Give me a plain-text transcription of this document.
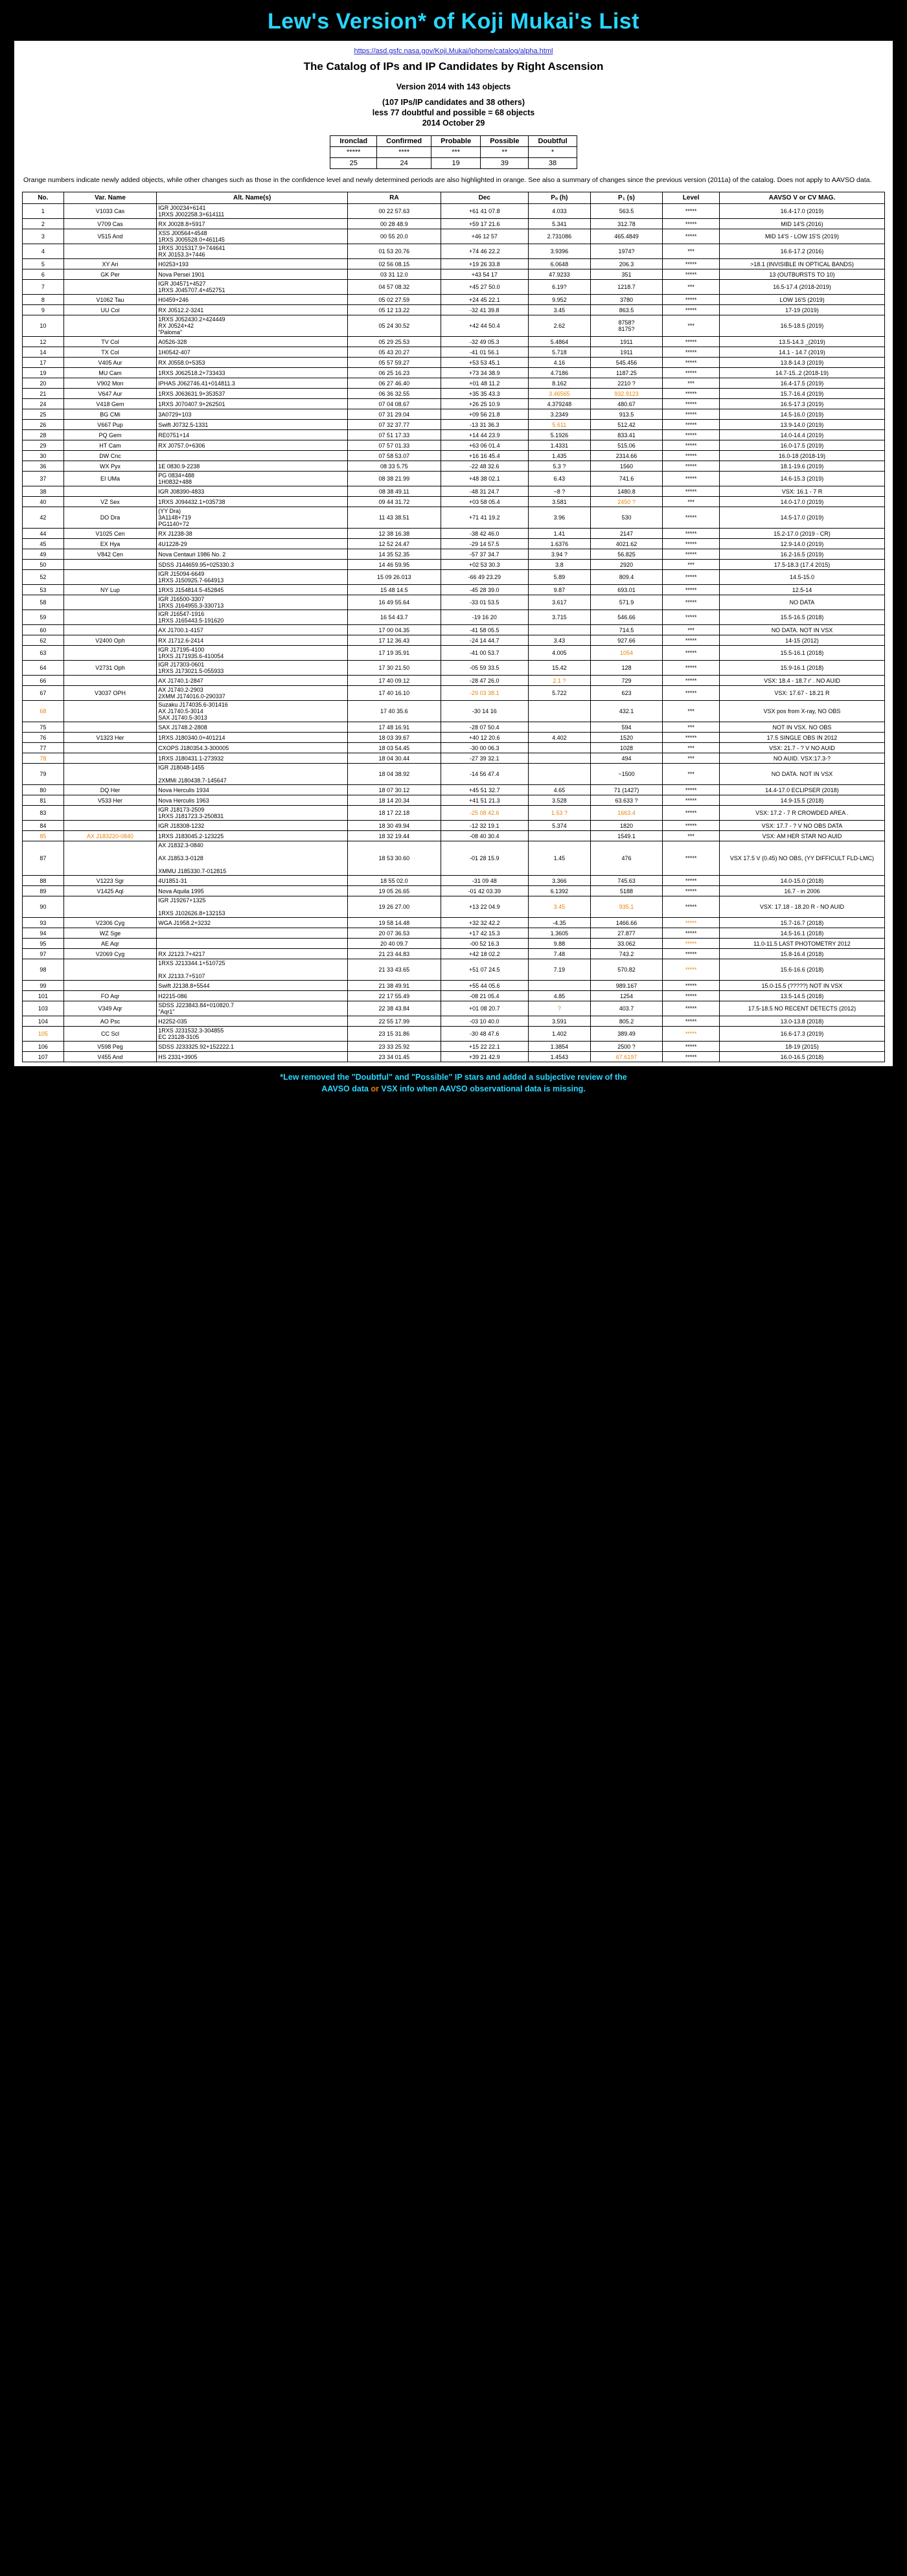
Lew's Version* of Koji Mukai's List
https://asd.gsfc.nasa.gov/Koji.Mukai/iphome/catalog/alpha.html
The Catalog of IPs and IP Candidates by Right Ascension
Version 2014 with 143 objects
(107 IPs/IP candidates and 38 others)
less 77 doubtful and possible = 68 objects
2014 October 29
Ironclad	Confirmed	Probable	Possible	Doubtful
*****	****	***	**	*
25	24	19	39	38
Orange numbers indicate newly added objects, while other changes such as those in the confidence level and newly determined periods are also highlighted in orange. See also a summary of changes since the previous version (2011a) of the catalog. Does not apply to AAVSO data.
No.	Var. Name	Alt. Name(s)	RA	Dec	Pₒ (h)	P₁ (s)	Level	AAVSO V or CV MAG.
1	V1033 Cas	IGR J00234+6141
1RXS J002258.3+614111	00 22 57.63	+61 41 07.8	4.033	563.5	*****	16.4-17.0 (2019)
2	V709 Cas	RX J0028.8+5917	00 28 48.9	+59 17 21.6	5.341	312.78	*****	MID 14'S (2016)
3	V515 And	XSS J00564+4548
1RXS J005528.0+461145	00 55 20.0	+46 12 57	2.731086	465.4849	*****	MID 14'S - LOW 15'S (2019)
4		1RXS J015317.9+744641
RX J0153.3+7446	01 53 20.76	+74 46 22.2	3.9396	1974?	***	16.6-17.2 (2016)
5	XY Ari	H0253+193	02 56 08.15	+19 26 33.8	6.0648	206.3	*****	>18.1 (INVISIBLE IN OPTICAL BANDS)
6	GK Per	Nova Persei 1901	03 31 12.0	+43 54 17	47.9233	351	*****	13 (OUTBURSTS TO 10)
7		IGR J04571+4527
1RXS J045707.4+452751	04 57 08.32	+45 27 50.0	6.19?	1218.7	***	16.5-17.4 (2018-2019)
8	V1062 Tau	H0459+246	05 02 27.59	+24 45 22.1	9.952	3780	*****	LOW 16'S (2019)
9	UU Col	RX J0512.2-3241	05 12 13.22	-32 41 39.8	3.45	863.5	*****	17-19 (2019)
10		1RXS J052430.2+424449
RX J0524+42
"Paloma"	05 24 30.52	+42 44 50.4	2.62	8758?
8175?	***	16.5-18.5 (2019)
12	TV Col	A0526-328	05 29 25.53	-32 49 05.3	5.4864	1911	*****	13.5-14.3 _(2019)
14	TX Col	1H0542-407	05 43 20.27	-41 01 56.1	5.718	1911	*****	14.1 - 14.7 (2019)
17	V405 Aur	RX J0558.0+5353	05 57 59.27	+53 53 45.1	4.16	545.456	*****	13.8-14.3 (2019)
19	MU Cam	1RXS J062518.2+733433	06 25 16.23	+73 34 38.9	4.7186	1187.25	*****	14.7-15..2 (2018-19)
20	V902 Mon	IPHAS J062746.41+014811.3	06 27 46.40	+01 48 11.2	8.162	2210 ?	***	16.4-17.5 (2019)
21	V647 Aur	1RXS J063631.9+353537	06 36 32.55	+35 35 43.3	3.46565	932.9123	*****	15.7-16.4 (2019)
24	V418 Gem	1RXS J070407.9+262501	07 04 08.67	+26 25 10.9	4.379248	480.67	*****	16.5-17.3 (2019)
25	BG CMi	3A0729+103	07 31 29.04	+09 56 21.8	3.2349	913.5	*****	14.5-16.0 (2019)
26	V667 Pup	Swift J0732.5-1331	07 32 37.77	-13 31 36.3	5.611	512.42	*****	13.9-14.0 (2019)
28	PQ Gem	RE0751+14	07 51 17.33	+14 44 23.9	5.1926	833.41	*****	14.0-14.4 (2019)
29	HT Cam	RX J0757.0+6306	07 57 01.33	+63 06 01.4	1.4331	515.06	*****	16.0-17.5 (2019)
30	DW Cnc		07 58 53.07	+16 16 45.4	1.435	2314.66	*****	16.0-18 (2018-19)
36	WX Pyx	1E 0830.9-2238	08 33 5.75	-22 48 32.6	5.3 ?	1560	*****	18.1-19.6 (2019)
37	EI UMa	PG 0834+488
1H0832+488	08 38 21.99	+48 38 02.1	6.43	741.6	*****	14.6-15.3 (2019)
38		IGR J08390-4833	08 38 49.11	-48 31 24.7	~8 ?	1480.8	*****	VSX: 16.1 - 7 R
40	VZ Sex	1RXS J094432.1+035738	09 44 31.72	+03 58 05.4	3.581	2450 ?	***	14.0-17.0 (2019)
42	DO Dra	(YY Dra)
3A1148+719
PG1140+72	11 43 38.51	+71 41 19.2	3.96	530	*****	14.5-17.0 (2019)
44	V1025 Cen	RX J1238-38	12 38 16.38	-38 42 46.0	1.41	2147	*****	15.2-17.0 (2019 - CR)
45	EX Hya	4U1228-29	12 52 24.47	-29 14 57.5	1.6376	4021.62	*****	12.9-14.0 (2019)
49	V842 Cen	Nova Centauri 1986 No. 2	14 35 52.35	-57 37 34.7	3.94 ?	56.825	*****	16.2-16.5 (2019)
50		SDSS J144659.95+025330.3	14 46 59.95	+02 53 30.3	3.8	2920	***	17.5-18.3 (17.4 2015)
52		IGR J15094-6649
1RXS J150925.7-664913	15 09 26.013	-66 49 23.29	5.89	809.4	*****	14.5-15.0
53	NY Lup	1RXS J154814.5-452845	15 48 14.5	-45 28 39.0	9.87	693.01	*****	12.5-14
58		IGR J16500-3307
1RXS J164955.3-330713	16 49 55.64	-33 01 53.5	3.617	571.9	*****	NO DATA
59		IGR J16547-1916
1RXS J165443.5-191620	16 54 43.7	-19 16 20	3.715	546.66	*****	15.5-16.5 (2018)
60		AX J1700.1-4157	17 00 04.35	-41 58 05.5		714.5	***	NO DATA. NOT IN VSX
62	V2400 Oph	RX J1712.6-2414	17 12 36.43	-24 14 44.7	3.43	927.66	*****	14-15 (2012)
63		IGR J17195-4100
1RXS J171935.6-410054	17 19 35.91	-41 00 53.7	4.005	1054	*****	15.5-16.1 (2018)
64	V2731 Oph	IGR J17303-0601
1RXS J173021.5-055933	17 30 21.50	-05 59 33.5	15.42	128	*****	15.9-16.1 (2018)
66		AX J1740.1-2847	17 40 09.12	-28 47 26.0	2.1 ?	729	*****	VSX: 18.4 - 18.7 r' . NO AUID
67	V3037 OPH	AX J1740.2-2903
2XMM J174016.0-290337	17 40 16.10	-29 03 38.1	5.722	623	*****	VSX: 17.67 - 18.21 R
68		Suzaku J174035.6-301416
AX J1740.5-3014
SAX J1740.5-3013	17 40 35.6	-30 14 16		432.1	***	VSX pos from X-ray, NO OBS
75		SAX J1748.2-2808	17 48 16.91	-28 07 50.4		594	***	NOT IN VSX. NO OBS
76	V1323 Her	1RXS J180340.0+401214	18 03 39.67	+40 12 20.6	4.402	1520	*****	17.5 SINGLE OBS IN 2012
77		CXOPS J180354.3-300005	18 03 54.45	-30 00 06.3		1028	***	VSX: 21.7 - ? V NO AUID
78		1RXS J180431.1-273932	18 04 30.44	-27 39 32.1		494	***	NO AUID. VSX:17.3-?
79		IGR J18048-1455

2XMMi J180438.7-145647	18 04 38.92	-14 56 47.4		~1500	***	NO DATA. NOT IN VSX
80	DQ Her	Nova Herculis 1934	18 07 30.12	+45 51 32.7	4.65	71 (1427)	*****	14.4-17.0 ECLIPSER (2018)
81	V533 Her	Nova Herculis 1963	18 14 20.34	+41 51 21.3	3.528	63.633 ?	*****	14.9-15.5 (2018)
83		IGR J18173-2509
1RXS J181723.3-250831	18 17 22.18	-25 08 42.6	1.53 ?	1663.4	*****	VSX: 17.2 - 7 R CROWDED AREA .
84		IGR J18308-1232	18 30 49.94	-12 32 19.1	5.374	1820	*****	VSX: 17.7 - ? V NO OBS DATA
85	AX J183220-0840	1RXS J183045.2-123225	18 32 19.44	-08 40 30.4		1549.1	***	VSX: AM HER STAR NO AUID
87		AX J1832.3-0840

AX J1853.3-0128

XMMU J185330.7-012815	18 53 30.60	-01 28 15.9	1.45	476	*****	VSX 17.5 V (0.45) NO OBS, (YY DIFFICULT FLD-LMC)
88	V1223 Sgr	4U1851-31	18 55 02.0	-31 09 48	3.366	745.63	*****	14.0-15.0 (2018)
89	V1425 Aql	Nova Aquila 1995	19 05 26.65	-01 42 03.39	6.1392	5188	*****	16.7 - in 2006
90		IGR J19267+1325

1RXS J102626.8+132153	19 26 27.00	+13 22 04.9	3.45	935.1	*****	VSX: 17.18 - 18.20 R - NO AUID
93	V2306 Cyg	WGA J1958.2+3232	19 58 14.48	+32 32 42.2	-4.35	1466.66	*****	15.7-16.7 (2018)
94	WZ Sge		20 07 36.53	+17 42 15.3	1.3605	27.877	*****	14.5-16.1 (2018)
95	AE Aqr		20 40 09.7	-00 52 16.3	9.88	33.062	*****	11.0-11.5 LAST PHOTOMETRY 2012
97	V2069 Cyg	RX J2123.7+4217	21 23 44.83	+42 18 02.2	7.48	743.2	*****	15.8-16.4 (2018)
98		1RXS J213344.1+510725

RX J2133.7+5107	21 33 43.65	+51 07 24.5	7.19	570.82	*****	15.6-16.6 (2018)
99		Swift J2138.8+5544	21 38 49.91	+55 44 05.6		989.167	*****	15.0-15.5 (?????) NOT IN VSX
101	FO Aqr	H2215-086	22 17 55.49	-08 21 05.4	4.85	1254	*****	13.5-14.5 (2018)
103	V349 Aqr	SDSS J223843.84+010820.7
"Aqr1"	22 38 43.84	+01 08 20.7	?	403.7	*****	17.5-18.5 NO RECENT DETECTS (2012)
104	AO Psc	H2252-035	22 55 17.99	-03 10 40.0	3.591	805.2	*****	13.0-13.8 (2018)
105	CC Scl	1RXS J231532.3-304855
EC 23128-3105	23 15 31.86	-30 48 47.6	1.402	389.49	*****	16.6-17.3 (2019)
106	V598 Peg	SDSS J233325.92+152222.1	23 33 25.92	+15 22 22.1	1.3854	2500 ?	*****	18-19 (2015)
107	V455 And	HS 2331+3905	23 34 01.45	+39 21 42.9	1.4543	67.6197	*****	16.0-16.5 (2018)
*Lew removed the "Doubtful" and "Possible" IP stars and added a subjective review of the
AAVSO data or VSX info when AAVSO observational data is missing.
